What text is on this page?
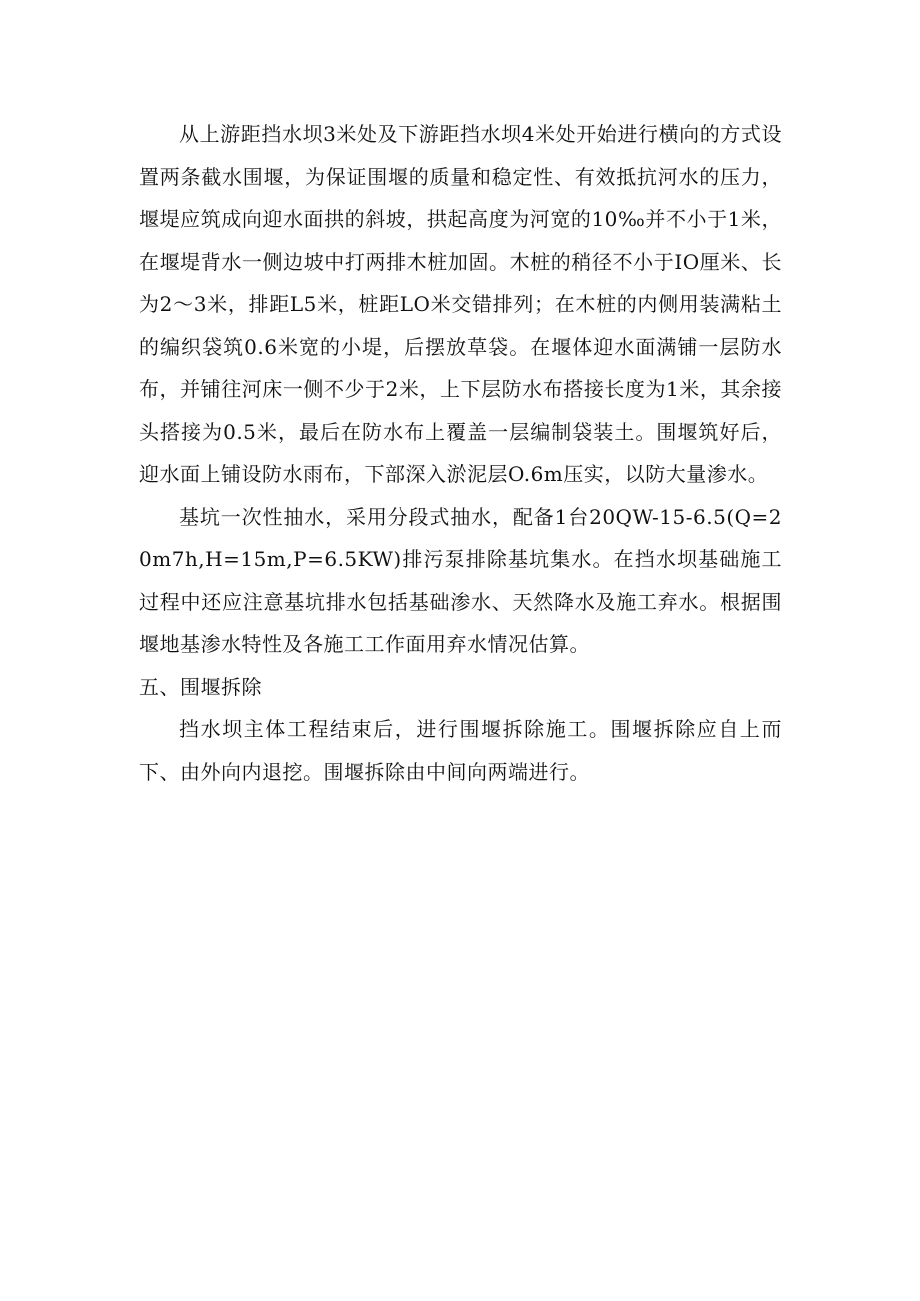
从上游距挡水坝3米处及下游距挡水坝4米处开始进行横向的方式设置两条截水围堰，为保证围堰的质量和稳定性、有效抵抗河水的压力，堰堤应筑成向迎水面拱的斜坡，拱起高度为河宽的10‰并不小于1米，在堰堤背水一侧边坡中打两排木桩加固。木桩的稍径不小于IO厘米、长为2〜3米，排距L5米，桩距LO米交错排列；在木桩的内侧用装满粘土的编织袋筑0.6米宽的小堤，后摆放草袋。在堰体迎水面满铺一层防水布，并铺往河床一侧不少于2米，上下层防水布搭接长度为1米，其余接头搭接为0.5米，最后在防水布上覆盖一层编制袋装土。围堰筑好后，迎水面上铺设防水雨布，下部深入淤泥层O.6m压实，以防大量渗水。

基坑一次性抽水，采用分段式抽水，配备1台20QW-15-6.5(Q=20m7h,H=15m,P=6.5KW)排污泵排除基坑集水。在挡水坝基础施工过程中还应注意基坑排水包括基础渗水、天然降水及施工弃水。根据围堰地基渗水特性及各施工工作面用弃水情况估算。

五、围堰拆除

挡水坝主体工程结束后，进行围堰拆除施工。围堰拆除应自上而下、由外向内退挖。围堰拆除由中间向两端进行。
